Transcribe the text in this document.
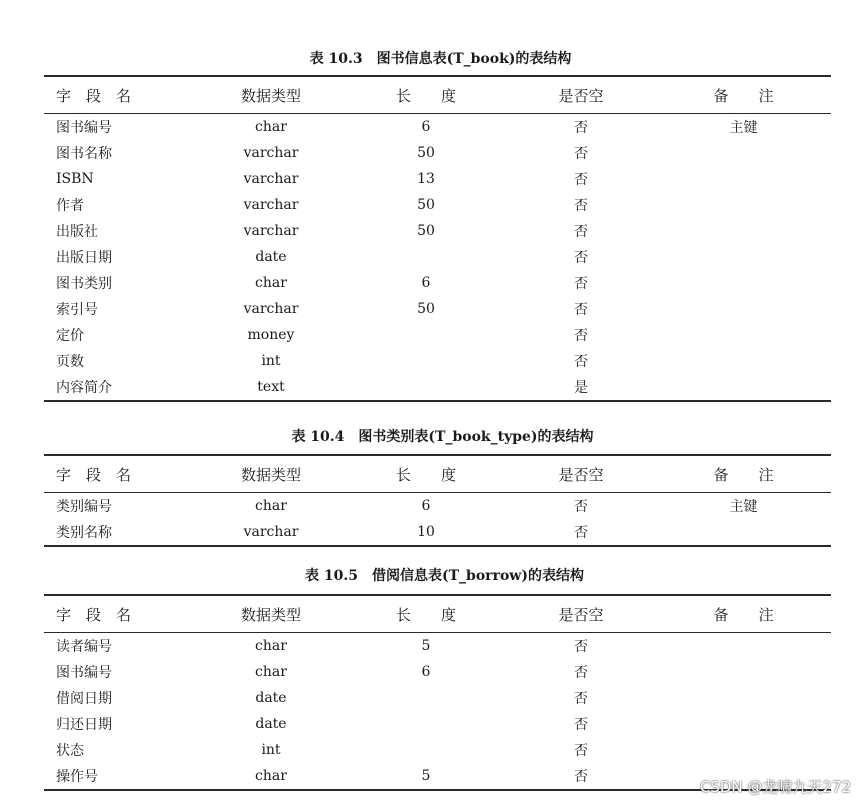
表 10.3　图书信息表(T_book)的表结构
字　段　名	数据类型	长　　度	是否空	备　　注
图书编号	char	6	否	主键
图书名称	varchar	50	否	
ISBN	varchar	13	否	
作者	varchar	50	否	
出版社	varchar	50	否	
出版日期	date		否	
图书类别	char	6	否	
索引号	varchar	50	否	
定价	money		否	
页数	int		否	
内容简介	text		是	
表 10.4　图书类别表(T_book_type)的表结构
字　段　名	数据类型	长　　度	是否空	备　　注
类别编号	char	6	否	主键
类别名称	varchar	10	否	
表 10.5　借阅信息表(T_borrow)的表结构
字　段　名	数据类型	长　　度	是否空	备　　注
读者编号	char	5	否	
图书编号	char	6	否	
借阅日期	date		否	
归还日期	date		否	
状态	int		否	
操作号	char	5	否	
CSDN @龙啸九天272
